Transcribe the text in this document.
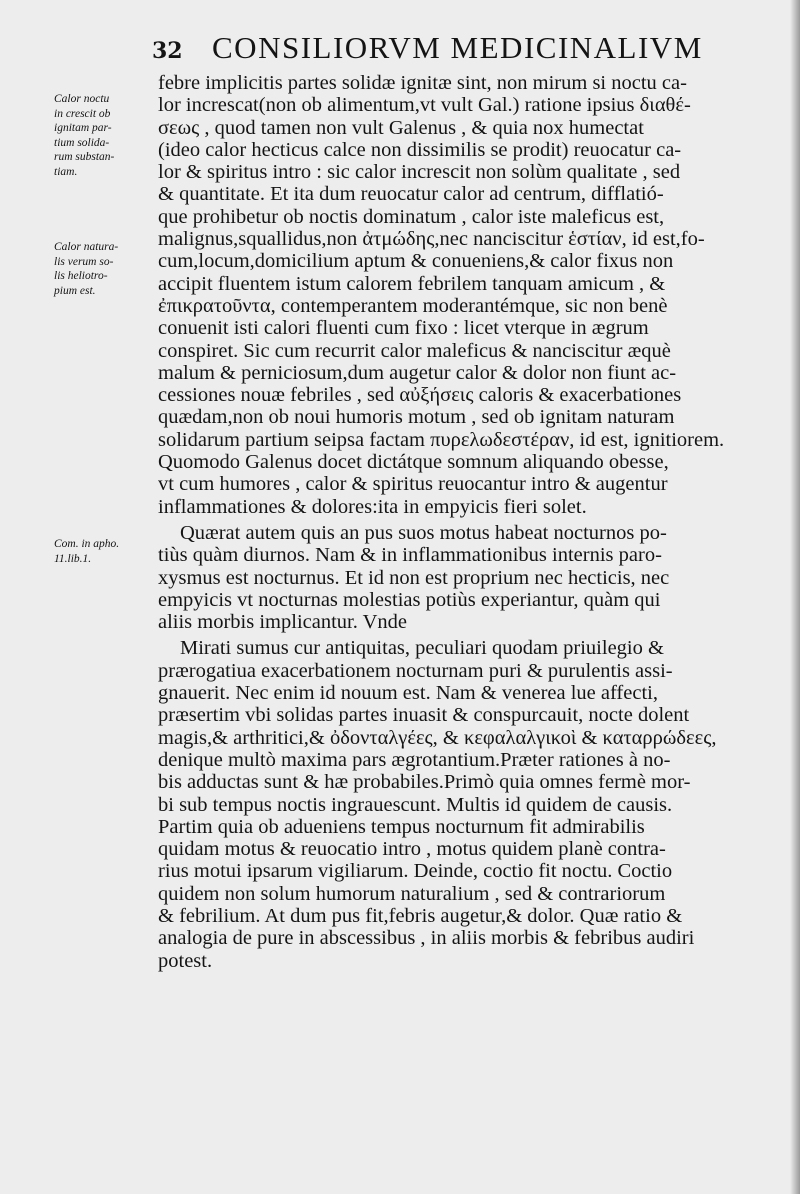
32 CONSILIORVM MEDICINALIVM
Calor noctu
in crescit ob
ignitam par-
tium solida-
rum substan-
tiam.
Calor natura-
lis verum so-
lis heliotro-
pium est.
Com. in apho.
11.lib.1.
febre implicitis partes solidæ ignitæ sint, non mirum si noctu ca-
lor increscat(non ob alimentum,vt vult Gal.) ratione ipsius διαθέ-
σεως , quod tamen non vult Galenus , & quia nox humectat
(ideo calor hecticus calce non dissimilis se prodit) reuocatur ca-
lor & spiritus intro : sic calor increscit non solùm qualitate , sed
& quantitate. Et ita dum reuocatur calor ad centrum, difflatió-
que prohibetur ob noctis dominatum , calor iste maleficus est,
malignus,squallidus,non ἀτμώδης,nec nanciscitur ἑστίαν, id est,fo-
cum,locum,domicilium aptum & conueniens,& calor fixus non
accipit fluentem istum calorem febrilem tanquam amicum , &
ἐπικρατοῦντα, contemperantem moderantémque, sic non benè
conuenit isti calori fluenti cum fixo : licet vterque in ægrum
conspiret. Sic cum recurrit calor maleficus & nanciscitur æquè
malum & perniciosum,dum augetur calor & dolor non fiunt ac-
cessiones nouæ febriles , sed αὐξήσεις caloris & exacerbationes
quædam,non ob noui humoris motum , sed ob ignitam naturam
solidarum partium seipsa factam πυρελωδεστέραν, id est, ignitiorem.
Quomodo Galenus docet dictátque somnum aliquando obesse,
vt cum humores , calor & spiritus reuocantur intro & augentur
inflammationes & dolores:ita in empyicis fieri solet.
Quærat autem quis an pus suos motus habeat nocturnos po-
tiùs quàm diurnos. Nam & in inflammationibus internis paro-
xysmus est nocturnus. Et id non est proprium nec hecticis, nec
empyicis vt nocturnas molestias potiùs experiantur, quàm qui
aliis morbis implicantur. Vnde
Mirati sumus cur antiquitas, peculiari quodam priuilegio &
prærogatiua exacerbationem nocturnam puri & purulentis assi-
gnauerit. Nec enim id nouum est. Nam & venerea lue affecti,
præsertim vbi solidas partes inuasit & conspurcauit, nocte dolent
magis,& arthritici,& ὀδονταλγέες, & κεφαλαλγικοὶ & καταρρώδεες,
denique multò maxima pars ægrotantium.Præter rationes à no-
bis adductas sunt & hæ probabiles.Primò quia omnes fermè mor-
bi sub tempus noctis ingrauescunt. Multis id quidem de causis.
Partim quia ob adueniens tempus nocturnum fit admirabilis
quidam motus & reuocatio intro , motus quidem planè contra-
rius motui ipsarum vigiliarum. Deinde, coctio fit noctu. Coctio
quidem non solum humorum naturalium , sed & contrariorum
& febrilium. At dum pus fit,febris augetur,& dolor. Quæ ratio &
analogia de pure in abscessibus , in aliis morbis & febribus audiri
potest.
